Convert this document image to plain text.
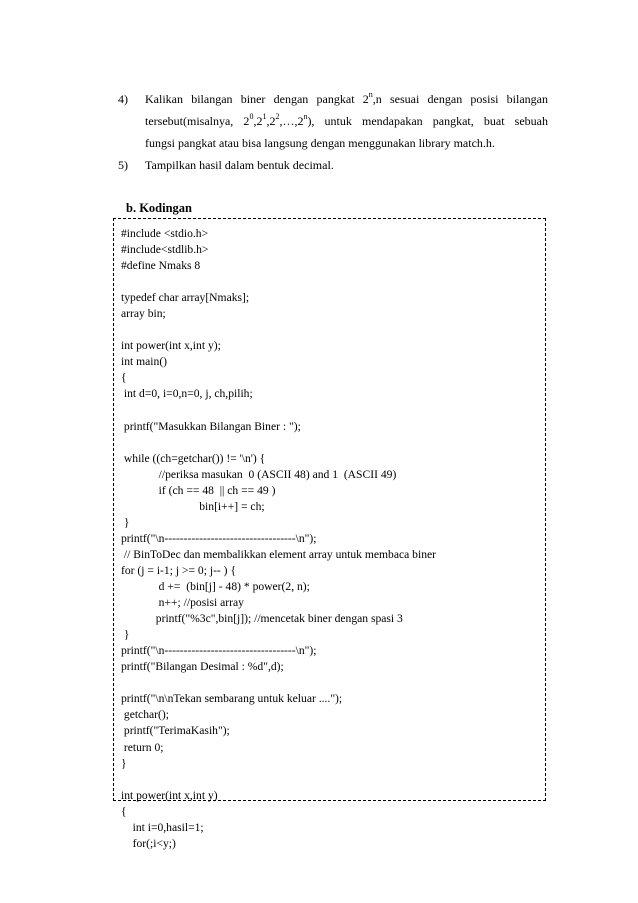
4)	Kalikan bilangan biner dengan pangkat 2$^n$,n sesuai dengan posisi bilangan
tersebut(misalnya, $2^0,2^1,2^2,\dots,2^n$), untuk mendapakan pangkat, buat sebuah
fungsi pangkat atau bisa langsung dengan menggunakan library match.h.
5)	Tampilkan hasil dalam bentuk decimal.
b. Kodingan
#include <stdio.h>
#include<stdlib.h>
#define Nmaks 8
typedef char array[Nmaks];
array bin;
int power(int x,int y);
int main()
{
int d=0, i=0,n=0, j, ch,pilih;
printf("Masukkan Bilangan Biner : ");
while ((ch=getchar()) != '\n') {
//periksa masukan  0 (ASCII 48) and 1  (ASCII 49)
if (ch == 48  || ch == 49 )
bin[i++] = ch;
}
printf("\n----------------------------------\n");
// BinToDec dan membalikkan element array untuk membaca biner
for (j = i-1; j >= 0; j-- ) {
d +=  (bin[j] - 48) * power(2, n);
n++; //posisi array
printf("%3c",bin[j]); //mencetak biner dengan spasi 3
}
printf("\n----------------------------------\n");
printf("Bilangan Desimal : %d",d);
printf("\n\nTekan sembarang untuk keluar ....");
getchar();
printf("TerimaKasih");
return 0;
}
int power(int x,int y)
{
int i=0,hasil=1;
for(;i<y;)
